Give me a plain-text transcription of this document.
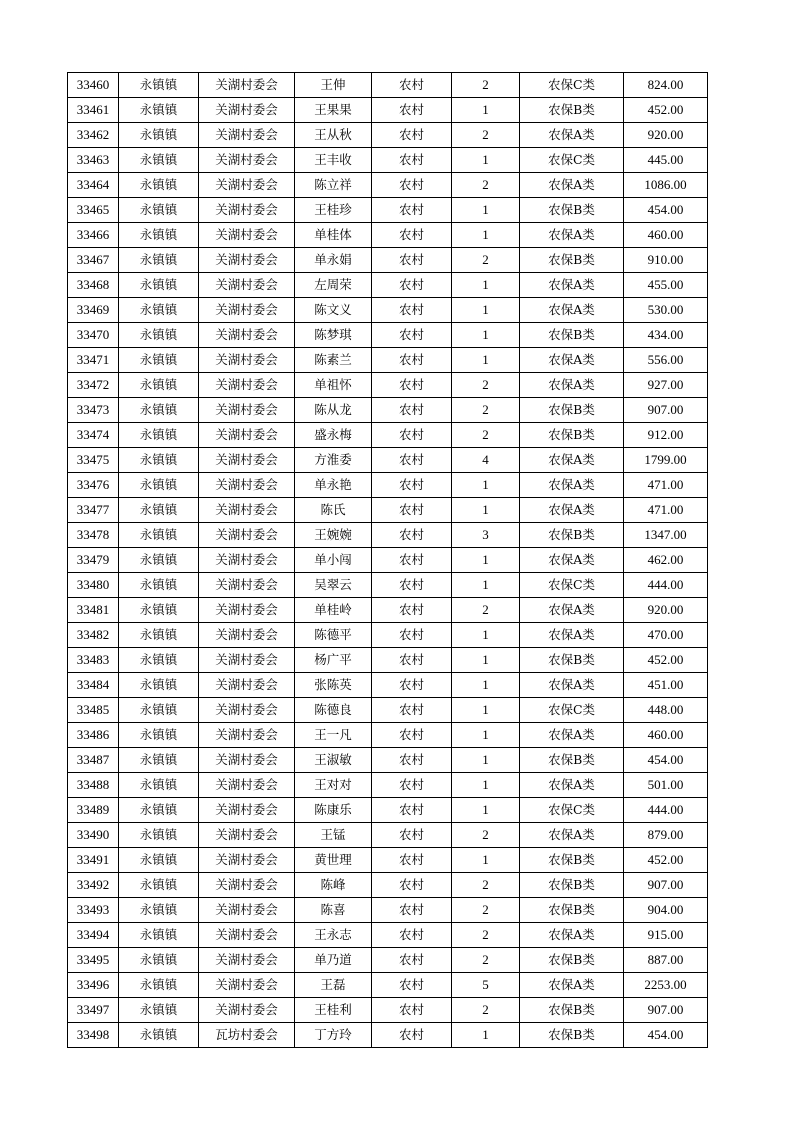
33460	永镇镇	关湖村委会	王伸	农村	2	农保C类	824.00
33461	永镇镇	关湖村委会	王果果	农村	1	农保B类	452.00
33462	永镇镇	关湖村委会	王从秋	农村	2	农保A类	920.00
33463	永镇镇	关湖村委会	王丰收	农村	1	农保C类	445.00
33464	永镇镇	关湖村委会	陈立祥	农村	2	农保A类	1086.00
33465	永镇镇	关湖村委会	王桂珍	农村	1	农保B类	454.00
33466	永镇镇	关湖村委会	单桂体	农村	1	农保A类	460.00
33467	永镇镇	关湖村委会	单永娟	农村	2	农保B类	910.00
33468	永镇镇	关湖村委会	左周荣	农村	1	农保A类	455.00
33469	永镇镇	关湖村委会	陈文义	农村	1	农保A类	530.00
33470	永镇镇	关湖村委会	陈梦琪	农村	1	农保B类	434.00
33471	永镇镇	关湖村委会	陈素兰	农村	1	农保A类	556.00
33472	永镇镇	关湖村委会	单祖怀	农村	2	农保A类	927.00
33473	永镇镇	关湖村委会	陈从龙	农村	2	农保B类	907.00
33474	永镇镇	关湖村委会	盛永梅	农村	2	农保B类	912.00
33475	永镇镇	关湖村委会	方淮委	农村	4	农保A类	1799.00
33476	永镇镇	关湖村委会	单永艳	农村	1	农保A类	471.00
33477	永镇镇	关湖村委会	陈氏	农村	1	农保A类	471.00
33478	永镇镇	关湖村委会	王婉婉	农村	3	农保B类	1347.00
33479	永镇镇	关湖村委会	单小闯	农村	1	农保A类	462.00
33480	永镇镇	关湖村委会	吴翠云	农村	1	农保C类	444.00
33481	永镇镇	关湖村委会	单桂岭	农村	2	农保A类	920.00
33482	永镇镇	关湖村委会	陈德平	农村	1	农保A类	470.00
33483	永镇镇	关湖村委会	杨广平	农村	1	农保B类	452.00
33484	永镇镇	关湖村委会	张陈英	农村	1	农保A类	451.00
33485	永镇镇	关湖村委会	陈德良	农村	1	农保C类	448.00
33486	永镇镇	关湖村委会	王一凡	农村	1	农保A类	460.00
33487	永镇镇	关湖村委会	王淑敏	农村	1	农保B类	454.00
33488	永镇镇	关湖村委会	王对对	农村	1	农保A类	501.00
33489	永镇镇	关湖村委会	陈康乐	农村	1	农保C类	444.00
33490	永镇镇	关湖村委会	王锰	农村	2	农保A类	879.00
33491	永镇镇	关湖村委会	黄世理	农村	1	农保B类	452.00
33492	永镇镇	关湖村委会	陈峰	农村	2	农保B类	907.00
33493	永镇镇	关湖村委会	陈喜	农村	2	农保B类	904.00
33494	永镇镇	关湖村委会	王永志	农村	2	农保A类	915.00
33495	永镇镇	关湖村委会	单乃道	农村	2	农保B类	887.00
33496	永镇镇	关湖村委会	王磊	农村	5	农保A类	2253.00
33497	永镇镇	关湖村委会	王桂利	农村	2	农保B类	907.00
33498	永镇镇	瓦坊村委会	丁方玲	农村	1	农保B类	454.00
